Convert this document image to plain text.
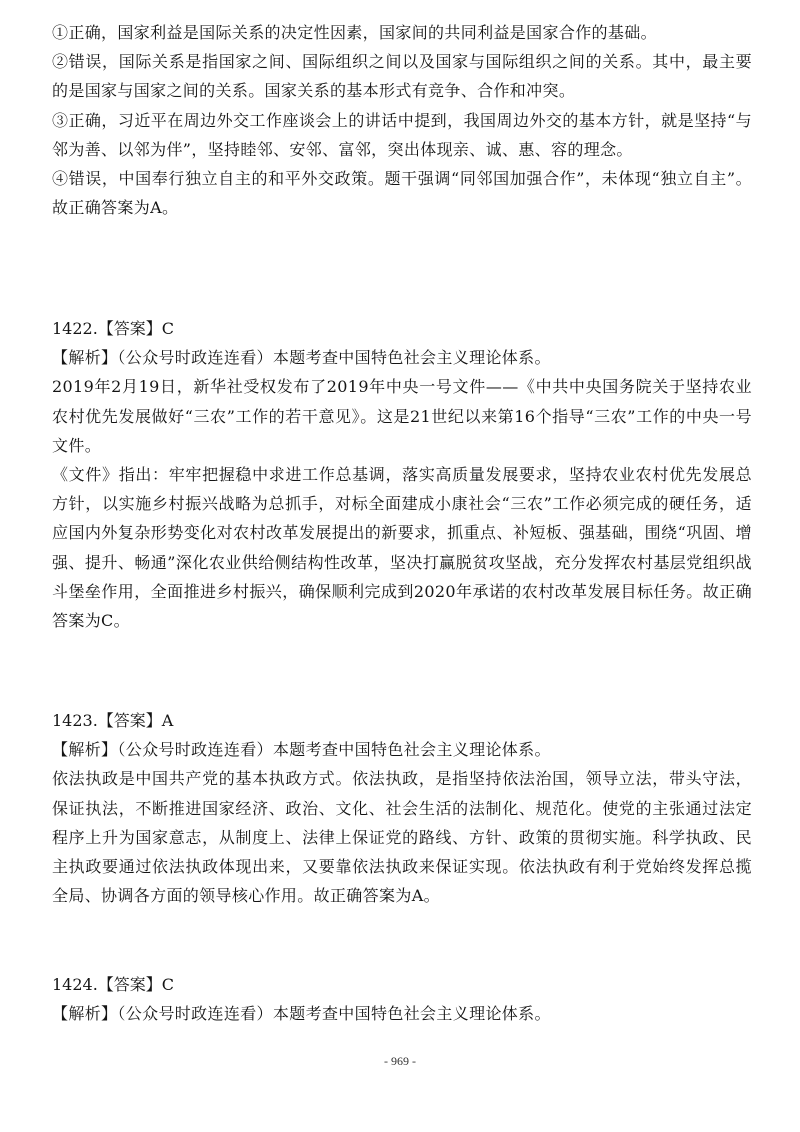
①正确，国家利益是国际关系的决定性因素，国家间的共同利益是国家合作的基础。

②错误，国际关系是指国家之间、国际组织之间以及国家与国际组织之间的关系。其中，最主要的是国家与国家之间的关系。国家关系的基本形式有竞争、合作和冲突。

③正确，习近平在周边外交工作座谈会上的讲话中提到，我国周边外交的基本方针，就是坚持“与邻为善、以邻为伴”，坚持睦邻、安邻、富邻，突出体现亲、诚、惠、容的理念。

④错误，中国奉行独立自主的和平外交政策。题干强调“同邻国加强合作”，未体现“独立自主”。故正确答案为A。

1422.【答案】C

【解析】（公众号时政连连看）本题考查中国特色社会主义理论体系。

2019年2月19日，新华社受权发布了2019年中央一号文件——《中共中央国务院关于坚持农业农村优先发展做好“三农”工作的若干意见》。这是21世纪以来第16个指导“三农”工作的中央一号文件。

《文件》指出：牢牢把握稳中求进工作总基调，落实高质量发展要求，坚持农业农村优先发展总方针，以实施乡村振兴战略为总抓手，对标全面建成小康社会“三农”工作必须完成的硬任务，适应国内外复杂形势变化对农村改革发展提出的新要求，抓重点、补短板、强基础，围绕“巩固、增强、提升、畅通”深化农业供给侧结构性改革，坚决打赢脱贫攻坚战，充分发挥农村基层党组织战斗堡垒作用，全面推进乡村振兴，确保顺利完成到2020年承诺的农村改革发展目标任务。故正确答案为C。

1423.【答案】A

【解析】（公众号时政连连看）本题考查中国特色社会主义理论体系。

依法执政是中国共产党的基本执政方式。依法执政，是指坚持依法治国，领导立法，带头守法，保证执法，不断推进国家经济、政治、文化、社会生活的法制化、规范化。使党的主张通过法定程序上升为国家意志，从制度上、法律上保证党的路线、方针、政策的贯彻实施。科学执政、民主执政要通过依法执政体现出来，又要靠依法执政来保证实现。依法执政有利于党始终发挥总揽全局、协调各方面的领导核心作用。故正确答案为A。

1424.【答案】C

【解析】（公众号时政连连看）本题考查中国特色社会主义理论体系。

- 969 -
